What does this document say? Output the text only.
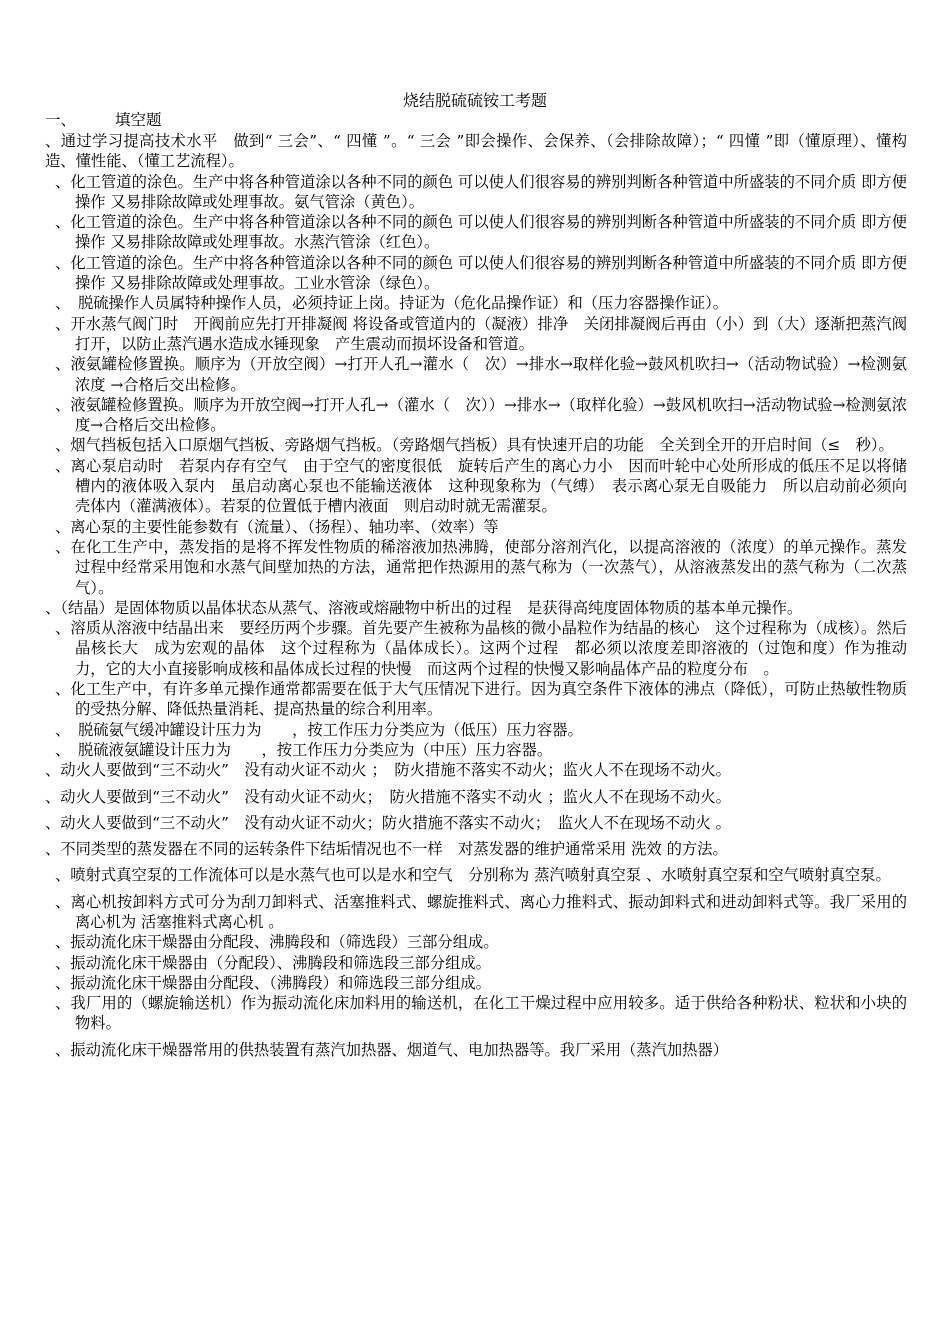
烧结脱硫硫铵工考题
一、	填空题

、通过学习提高技术水平　做到“ 三会”、“ 四懂 ”。“ 三会 ”即会操作、会保养、（会排除故障）；“ 四懂 ”即（懂原理）、懂构造、懂性能、（懂工艺流程）。

、化工管道的涂色。生产中将各种管道涂以各种不同的颜色 可以使人们很容易的辨别判断各种管道中所盛装的不同介质 即方便操作 又易排除故障或处理事故。氨气管涂（黄色）。

、化工管道的涂色。生产中将各种管道涂以各种不同的颜色 可以使人们很容易的辨别判断各种管道中所盛装的不同介质 即方便操作 又易排除故障或处理事故。水蒸汽管涂（红色）。

、化工管道的涂色。生产中将各种管道涂以各种不同的颜色 可以使人们很容易的辨别判断各种管道中所盛装的不同介质 即方便操作 又易排除故障或处理事故。工业水管涂（绿色）。

、　脱硫操作人员属特种操作人员，必须持证上岗。持证为（危化品操作证）和（压力容器操作证）。

、开水蒸气阀门时　开阀前应先打开排凝阀 将设备或管道内的（凝液）排净　关闭排凝阀后再由（小）到（大）逐渐把蒸汽阀打开，以防止蒸汽遇水造成水锤现象　产生震动而损坏设备和管道。

、液氨罐检修置换。顺序为（开放空阀）→打开人孔→灌水（　次）→排水→取样化验→鼓风机吹扫→（活动物试验）→检测氨浓度 →合格后交出检修。

、液氨罐检修置换。顺序为开放空阀→打开人孔→（灌水（　次））→排水→（取样化验）→鼓风机吹扫→活动物试验→检测氨浓度→合格后交出检修。

、烟气挡板包括入口原烟气挡板、旁路烟气挡板。（旁路烟气挡板）具有快速开启的功能　全关到全开的开启时间（≤　秒）。

、离心泵启动时　若泵内存有空气　由于空气的密度很低　旋转后产生的离心力小　因而叶轮中心处所形成的低压不足以将储槽内的液体吸入泵内　虽启动离心泵也不能输送液体　这种现象称为（气缚）　表示离心泵无自吸能力　所以启动前必须向壳体内（灌满液体）。若泵的位置低于槽内液面　则启动时就无需灌泵。

、离心泵的主要性能参数有（流量）、（扬程）、轴功率、（效率）等

、在化工生产中，蒸发指的是将不挥发性物质的稀溶液加热沸腾，使部分溶剂汽化，以提高溶液的（浓度）的单元操作。蒸发过程中经常采用饱和水蒸气间壁加热的方法，通常把作热源用的蒸气称为（一次蒸气），从溶液蒸发出的蒸气称为（二次蒸气）。

、（结晶）是固体物质以晶体状态从蒸气、溶液或熔融物中析出的过程　是获得高纯度固体物质的基本单元操作。

、溶质从溶液中结晶出来　要经历两个步骤。首先要产生被称为晶核的微小晶粒作为结晶的核心　这个过程称为（成核）。然后晶核长大　成为宏观的晶体　这个过程称为（晶体成长）。这两个过程　都必须以浓度差即溶液的（过饱和度）作为推动力，它的大小直接影响成核和晶体成长过程的快慢　而这两个过程的快慢又影响晶体产品的粒度分布　。

、化工生产中，有许多单元操作通常都需要在低于大气压情况下进行。因为真空条件下液体的沸点（降低），可防止热敏性物质的受热分解、降低热量消耗、提高热量的综合利用率。

、　脱硫氨气缓冲罐设计压力为　　，按工作压力分类应为（低压）压力容器。

、　脱硫液氨罐设计压力为　　，按工作压力分类应为（中压）压力容器。

、动火人要做到“三不动火”　没有动火证不动火 ；　防火措施不落实不动火；监火人不在现场不动火。

、动火人要做到“三不动火”　没有动火证不动火；　防火措施不落实不动火 ；监火人不在现场不动火。

、动火人要做到“三不动火”　没有动火证不动火；防火措施不落实不动火；　监火人不在现场不动火 。

、不同类型的蒸发器在不同的运转条件下结垢情况也不一样　对蒸发器的维护通常采用 洗效 的方法。

、喷射式真空泵的工作流体可以是水蒸气也可以是水和空气　分别称为 蒸汽喷射真空泵 、水喷射真空泵和空气喷射真空泵。

、离心机按卸料方式可分为刮刀卸料式、活塞推料式、螺旋推料式、离心力推料式、振动卸料式和进动卸料式等。我厂采用的离心机为 活塞推料式离心机 。

、振动流化床干燥器由分配段、沸腾段和（筛选段）三部分组成。

、振动流化床干燥器由（分配段）、沸腾段和筛选段三部分组成。

、振动流化床干燥器由分配段、（沸腾段）和筛选段三部分组成。

、我厂用的（螺旋输送机）作为振动流化床加料用的输送机，在化工干燥过程中应用较多。适于供给各种粉状、粒状和小块的物料。

、振动流化床干燥器常用的供热装置有蒸汽加热器、烟道气、电加热器等。我厂采用（蒸汽加热器）
